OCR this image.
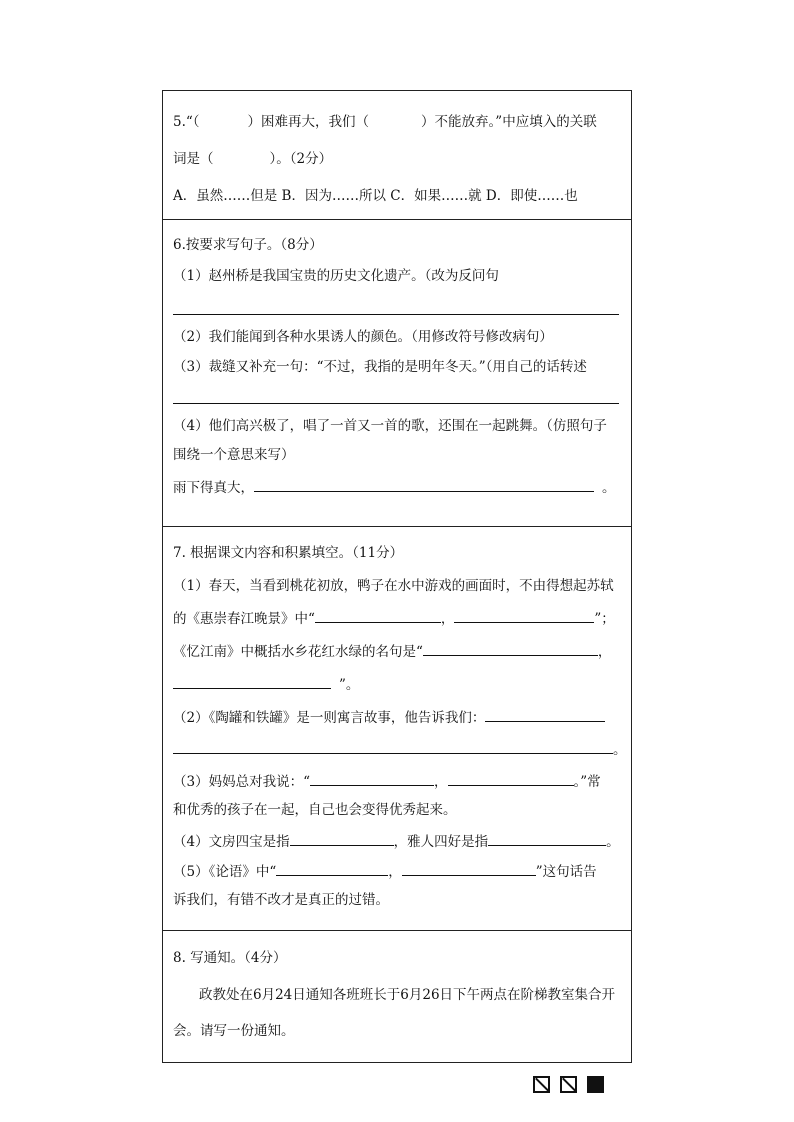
5.“（	）困难再大，我们（	）不能放弃。”中应填入的关联
词是（	）。（2分）
A．虽然……但是 B．因为……所以 C．如果……就 D．即使……也
6.按要求写句子。（8分）
（1）赵州桥是我国宝贵的历史文化遗产。（改为反问句
（2）我们能闻到各种水果诱人的颜色。（用修改符号修改病句）
（3）裁缝又补充一句：“不过，我指的是明年冬天。”（用自己的话转述
（4）他们高兴极了，唱了一首又一首的歌，还围在一起跳舞。（仿照句子
围绕一个意思来写）
雨下得真大，	。
7. 根据课文内容和积累填空。（11分）
（1）春天，当看到桃花初放，鸭子在水中游戏的画面时，不由得想起苏轼
的《惠崇春江晚景》中“	，	”；
《忆江南》中概括水乡花红水绿的名句是“	，
”。
（2）《陶罐和铁罐》是一则寓言故事，他告诉我们：
。
（3）妈妈总对我说：“	，	。”常
和优秀的孩子在一起，自己也会变得优秀起来。
（4）文房四宝是指	，雅人四好是指	。
（5）《论语》中“	，	”这句话告
诉我们，有错不改才是真正的过错。
8. 写通知。（4分）
政教处在6月24日通知各班班长于6月26日下午两点在阶梯教室集合开
会。请写一份通知。
